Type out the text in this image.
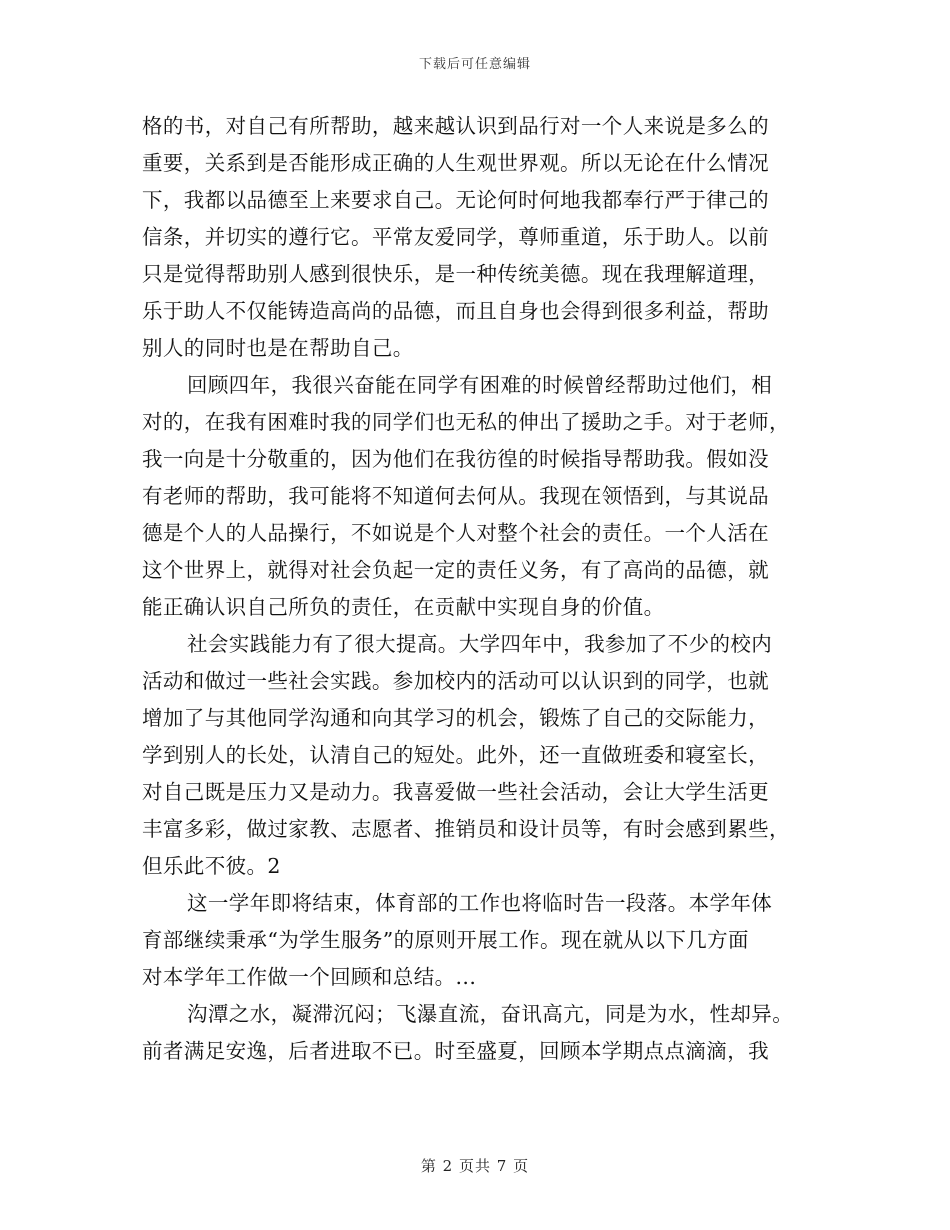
下载后可任意编辑
格的书，对自己有所帮助，越来越认识到品行对一个人来说是多么的
重要，关系到是否能形成正确的人生观世界观。所以无论在什么情况
下，我都以品德至上来要求自己。无论何时何地我都奉行严于律己的
信条，并切实的遵行它。平常友爱同学，尊师重道，乐于助人。以前
只是觉得帮助别人感到很快乐，是一种传统美德。现在我理解道理，
乐于助人不仅能铸造高尚的品德，而且自身也会得到很多利益，帮助
别人的同时也是在帮助自己。
回顾四年，我很兴奋能在同学有困难的时候曾经帮助过他们，相
对的，在我有困难时我的同学们也无私的伸出了援助之手。对于老师，
我一向是十分敬重的，因为他们在我彷徨的时候指导帮助我。假如没
有老师的帮助，我可能将不知道何去何从。我现在领悟到，与其说品
德是个人的人品操行，不如说是个人对整个社会的责任。一个人活在
这个世界上，就得对社会负起一定的责任义务，有了高尚的品德，就
能正确认识自己所负的责任，在贡献中实现自身的价值。
社会实践能力有了很大提高。大学四年中，我参加了不少的校内
活动和做过一些社会实践。参加校内的活动可以认识到的同学，也就
增加了与其他同学沟通和向其学习的机会，锻炼了自己的交际能力，
学到别人的长处，认清自己的短处。此外，还一直做班委和寝室长，
对自己既是压力又是动力。我喜爱做一些社会活动，会让大学生活更
丰富多彩，做过家教、志愿者、推销员和设计员等，有时会感到累些，
但乐此不彼。2
这一学年即将结束，体育部的工作也将临时告一段落。本学年体
育部继续秉承“为学生服务”的原则开展工作。现在就从以下几方面
对本学年工作做一个回顾和总结。...
沟潭之水，凝滞沉闷；飞瀑直流，奋讯高亢，同是为水，性却异。
前者满足安逸，后者进取不已。时至盛夏，回顾本学期点点滴滴，我
第 2 页共 7 页
